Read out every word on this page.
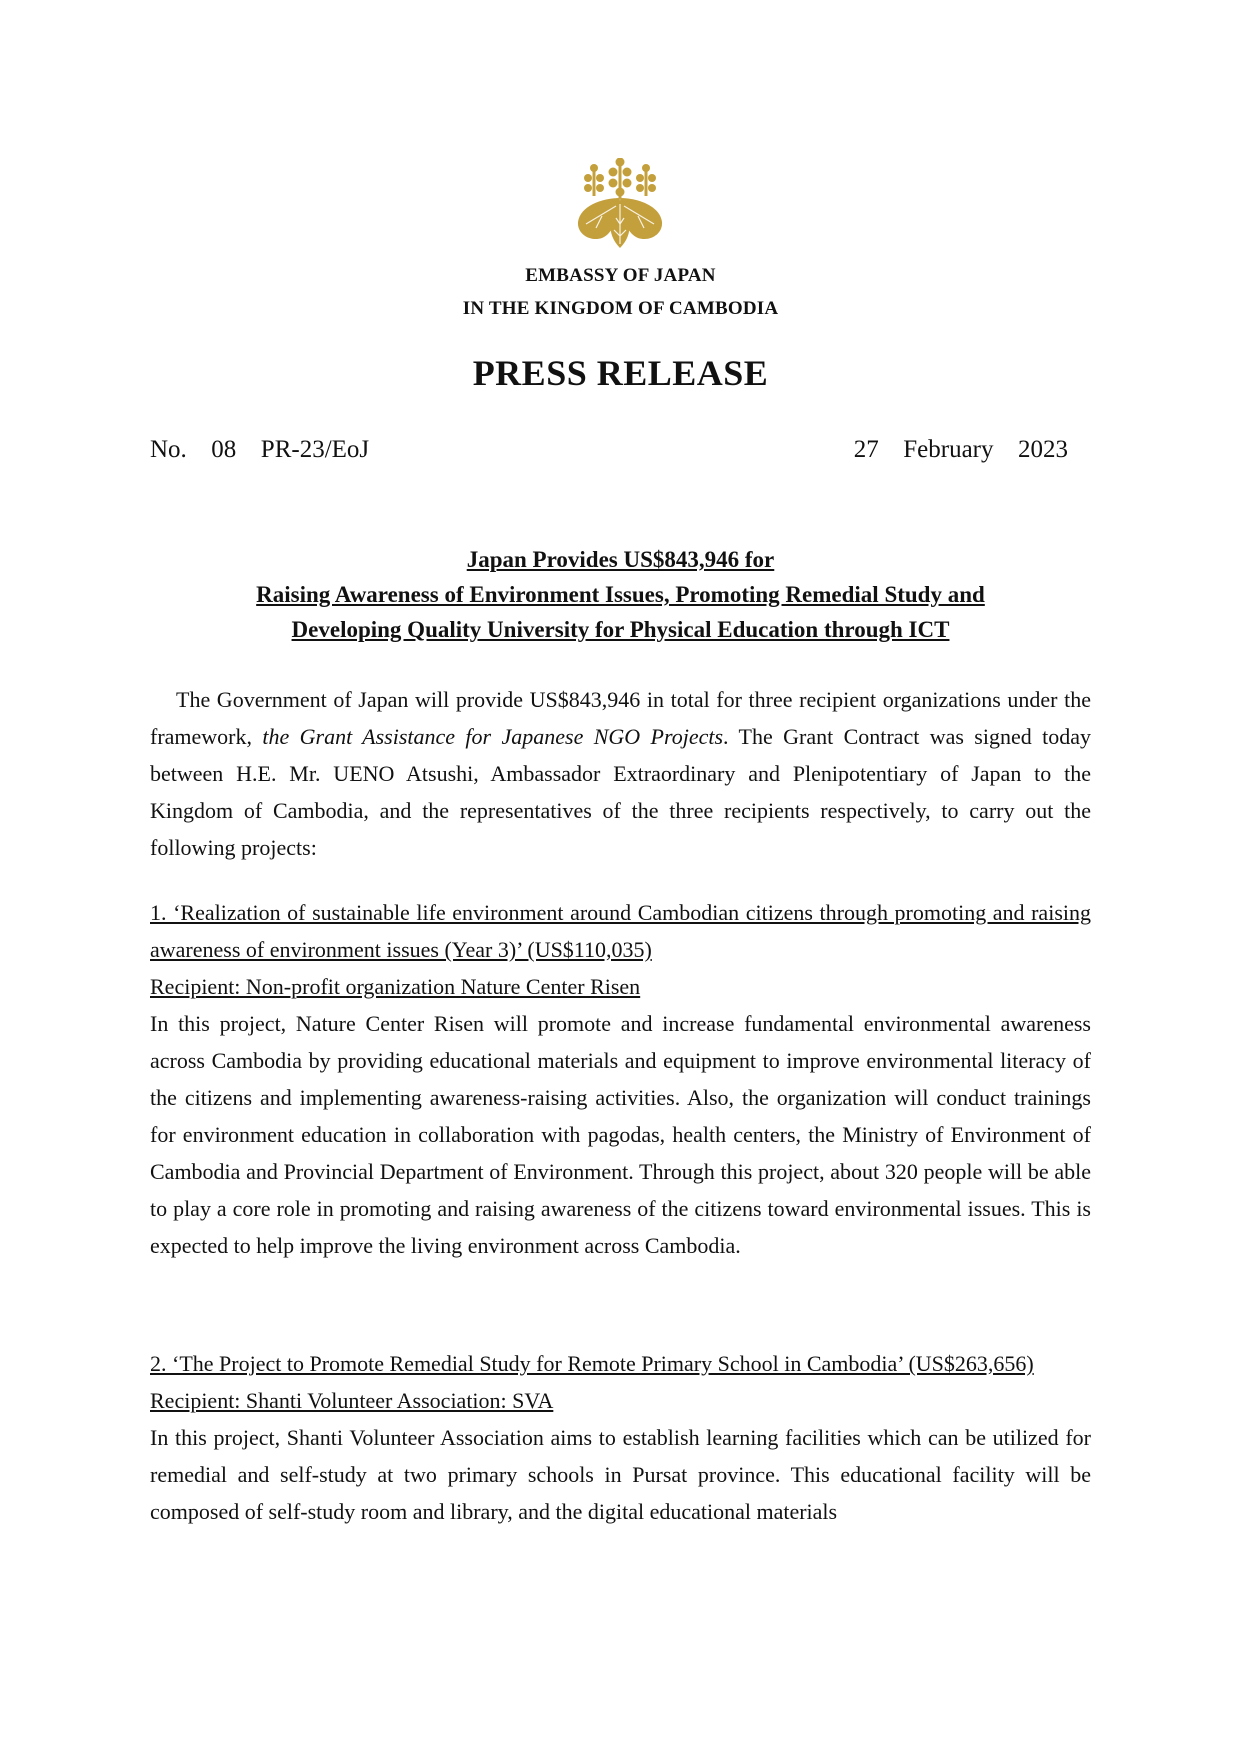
EMBASSY OF JAPAN
IN THE KINGDOM OF CAMBODIA
PRESS RELEASE
No.  08  PR-23/EoJ	27  February  2023
Japan Provides US$843,946 for
Raising Awareness of Environment Issues, Promoting Remedial Study and
Developing Quality University for Physical Education through ICT
The Government of Japan will provide US$843,946 in total for three recipient organizations under the framework, the Grant Assistance for Japanese NGO Projects. The Grant Contract was signed today between H.E. Mr. UENO Atsushi, Ambassador Extraordinary and Plenipotentiary of Japan to the Kingdom of Cambodia, and the representatives of the three recipients respectively, to carry out the following projects:
1. ‘Realization of sustainable life environment around Cambodian citizens through promoting and raising awareness of environment issues (Year 3)’ (US$110,035)
Recipient: Non-profit organization Nature Center Risen
In this project, Nature Center Risen will promote and increase fundamental environmental awareness across Cambodia by providing educational materials and equipment to improve environmental literacy of the citizens and implementing awareness-raising activities. Also, the organization will conduct trainings for environment education in collaboration with pagodas, health centers, the Ministry of Environment of Cambodia and Provincial Department of Environment. Through this project, about 320 people will be able to play a core role in promoting and raising awareness of the citizens toward environmental issues. This is expected to help improve the living environment across Cambodia.
2. ‘The Project to Promote Remedial Study for Remote Primary School in Cambodia’ (US$263,656)
Recipient: Shanti Volunteer Association: SVA
In this project, Shanti Volunteer Association aims to establish learning facilities which can be utilized for remedial and self-study at two primary schools in Pursat province. This educational facility will be composed of self-study room and library, and the digital educational materials
